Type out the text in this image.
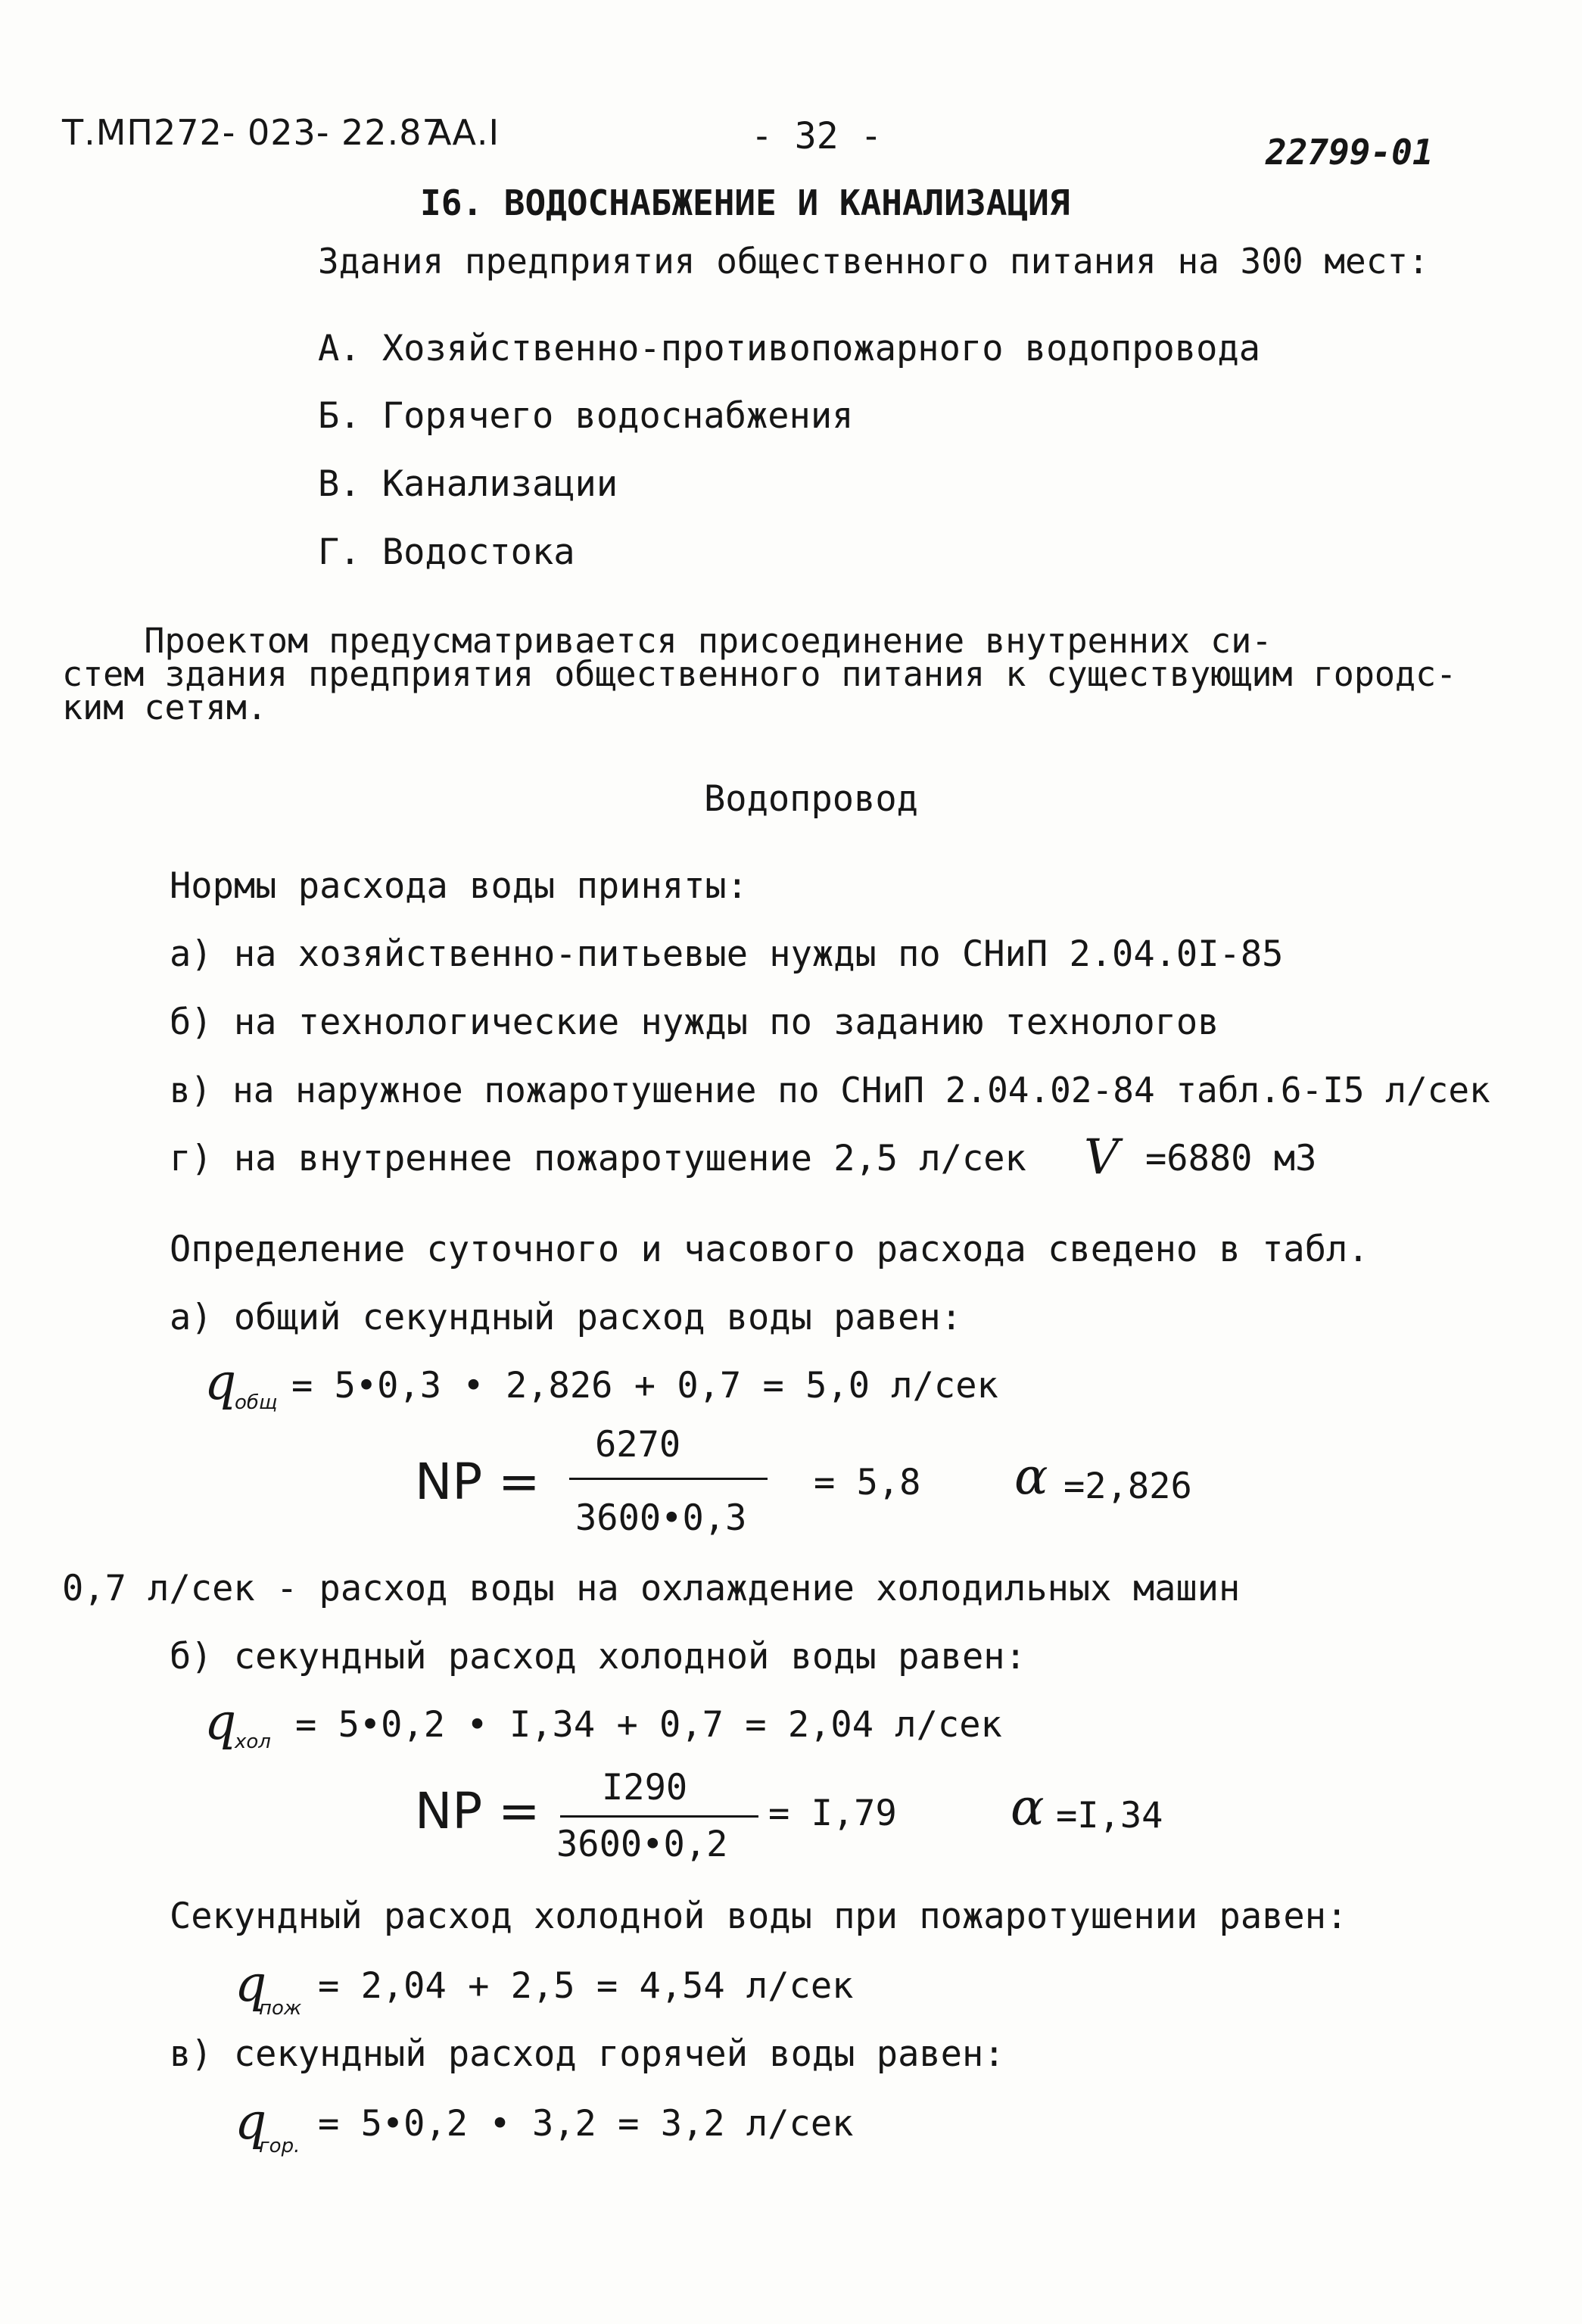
Т.МП272- 023- 22.87
АА.I	- 32 -	22799-01
I6. ВОДОСНАБЖЕНИЕ И КАНАЛИЗАЦИЯ
Здания предприятия общественного питания на 300 мест:
А. Хозяйственно-противопожарного водопровода
Б. Горячего водоснабжения
В. Канализации
Г. Водостока
Проектом предусматривается присоединение внутренних си-
стем здания предприятия общественного питания к существующим городс-
ким сетям.
Водопровод
Нормы расхода воды приняты:
а) на хозяйственно-питьевые нужды по СНиП 2.04.0I-85
б) на технологические нужды по заданию технологов
в) на наружное пожаротушение по СНиП 2.04.02-84 табл.6-I5 л/сек
г) на внутреннее пожаротушение 2,5 л/сек V =6880 м3
Определение суточного и часового расхода сведено в табл.
а) общий секундный расход воды равен:
q
общ = 5•0,3 • 2,826 + 0,7 = 5,0 л/сек
NP =
6270
3600•0,3
= 5,8 α =2,826
0,7 л/сек - расход воды на охлаждение холодильных машин
б) секундный расход холодной воды равен:
q
хол = 5•0,2 • I,34 + 0,7 = 2,04 л/сек
NP = I290
3600•0,2
= I,79 α =I,34
Секундный расход холодной воды при пожаротушении равен:
q
пож
= 2,04 + 2,5 = 4,54 л/сек
в) секундный расход горячей воды равен:
q
гор.
= 5•0,2 • 3,2 = 3,2 л/сек
